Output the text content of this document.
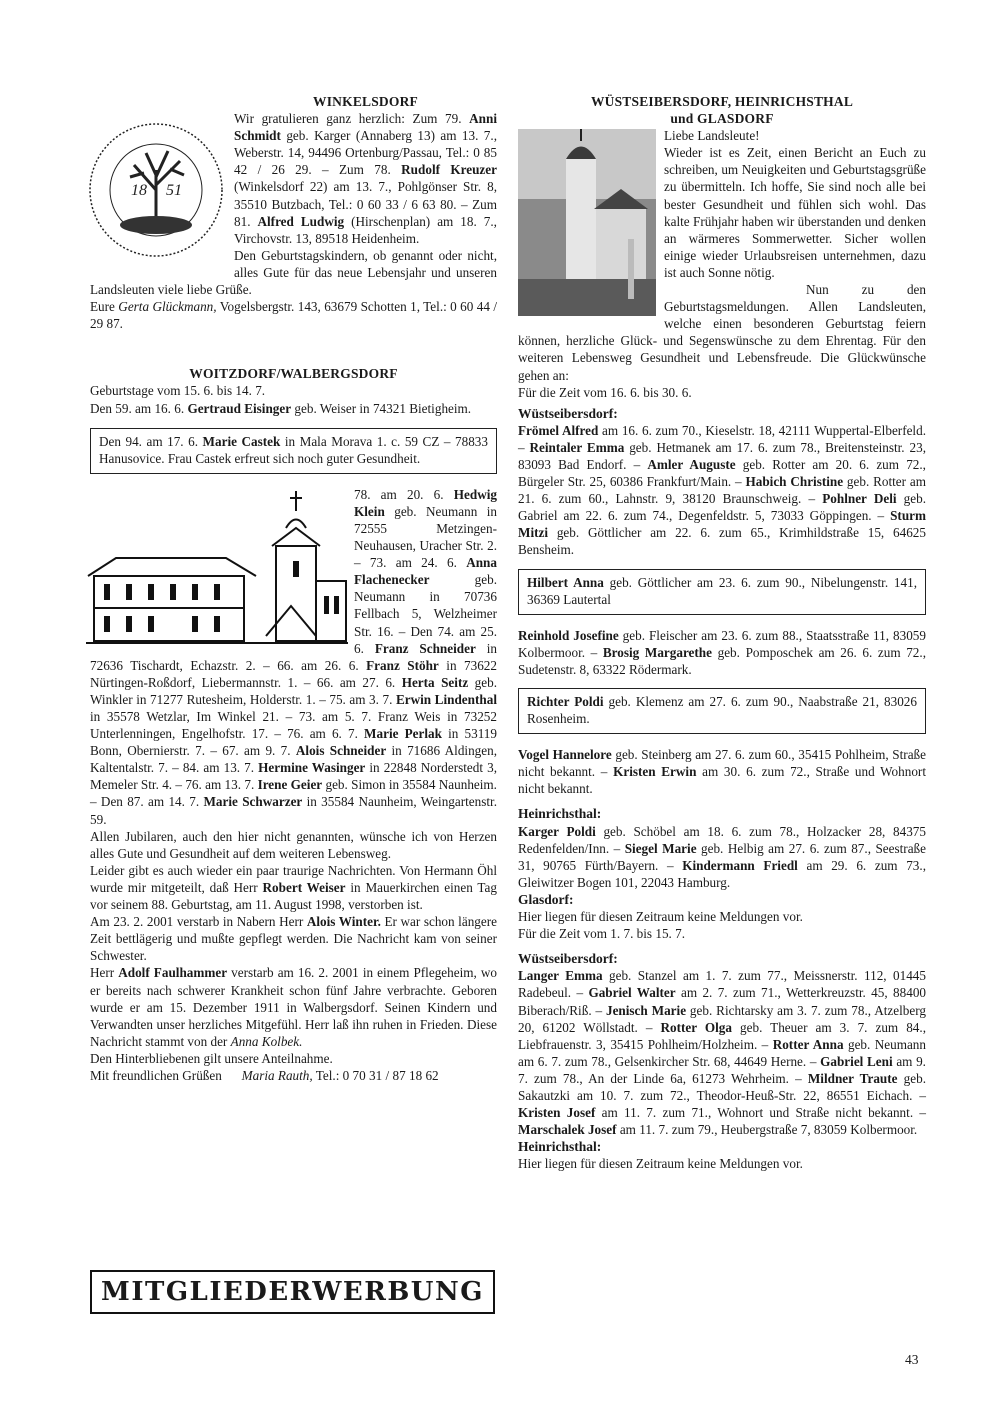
18 51
WINKELSDORF

Wir gratulieren ganz herzlich: Zum 79. Anni Schmidt geb. Karger (Annaberg 13) am 13. 7., Weberstr. 14, 94496 Ortenburg/Passau, Tel.: 0 85 42 / 26 29. – Zum 78. Rudolf Kreuzer (Winkelsdorf 22) am 13. 7., Pohlgönser Str. 8, 35510 Butzbach, Tel.: 0 60 33 / 6 63 80. – Zum 81. Alfred Ludwig (Hirschenplan) am 18. 7., Virchovstr. 13, 89518 Heidenheim.

Den Geburtstagskindern, ob genannt oder nicht, alles Gute für das neue Lebensjahr und unseren Landsleuten viele liebe Grüße.

Eure Gerta Glückmann, Vogelsbergstr. 143, 63679 Schotten 1, Tel.: 0 60 44 / 29 87.

WOITZDORF/WALBERGSDORF

Geburtstage vom 15. 6. bis 14. 7.

Den 59. am 16. 6. Gertraud Eisinger geb. Weiser in 74321 Bietigheim.

Den 94. am 17. 6. Marie Castek in Mala Morava 1. c. 59 CZ – 78833 Hanusovice. Frau Castek erfreut sich noch guter Gesundheit.

78. am 20. 6. Hedwig Klein geb. Neumann in 72555 Metzingen-Neuhausen, Uracher Str. 2. – 73. am 24. 6. Anna Flachenecker geb. Neumann in 70736 Fellbach 5, Welzheimer Str. 16. – Den 74. am 25. 6. Franz Schneider in 72636 Tischardt, Echazstr. 2. – 66. am 26. 6. Franz Stöhr in 73622 Nürtingen-Roßdorf, Liebermannstr. 1. – 66. am 27. 6. Herta Seitz geb. Winkler in 71277 Rutesheim, Holderstr. 1. – 75. am 3. 7. Erwin Lindenthal in 35578 Wetzlar, Im Winkel 21. – 73. am 5. 7. Franz Weis in 73252 Unterlenningen, Engelhofstr. 17. – 76. am 6. 7. Marie Perlak in 53119 Bonn, Obernierstr. 7. – 67. am 9. 7. Alois Schneider in 71686 Aldingen, Kaltentalstr. 7. – 84. am 13. 7. Hermine Wasinger in 22848 Norderstedt 3, Memeler Str. 4. – 76. am 13. 7. Irene Geier geb. Simon in 35584 Naunheim. – Den 87. am 14. 7. Marie Schwarzer in 35584 Naunheim, Weingartenstr. 59.

Allen Jubilaren, auch den hier nicht genannten, wünsche ich von Herzen alles Gute und Gesundheit auf dem weiteren Lebensweg.

Leider gibt es auch wieder ein paar traurige Nachrichten. Von Hermann Öhl wurde mir mitgeteilt, daß Herr Robert Weiser in Mauerkirchen einen Tag vor seinem 88. Geburtstag, am 11. August 1998, verstorben ist.

Am 23. 2. 2001 verstarb in Nabern Herr Alois Winter. Er war schon längere Zeit bettlägerig und mußte gepflegt werden. Die Nachricht kam von seiner Schwester.

Herr Adolf Faulhammer verstarb am 16. 2. 2001 in einem Pflegeheim, wo er bereits nach schwerer Krankheit schon fünf Jahre verbrachte. Geboren wurde er am 15. Dezember 1911 in Walbergsdorf. Seinen Kindern und Verwandten unser herzliches Mitgefühl. Herr laß ihn ruhen in Frieden. Diese Nachricht stammt von der Anna Kolbek.

Den Hinterbliebenen gilt unsere Anteilnahme.

Mit freundlichen Grüßen Maria Rauth, Tel.: 0 70 31 / 87 18 62

MITGLIEDERWERBUNG
WÜSTSEIBERSDORF, HEINRICHSTHAL
und GLASDORF

Liebe Landsleute!

Wieder ist es Zeit, einen Bericht an Euch zu schreiben, um Neuigkeiten und Geburtstagsgrüße zu übermitteln. Ich hoffe, Sie sind noch alle bei bester Gesundheit und fühlen sich wohl. Das kalte Frühjahr haben wir überstanden und denken an wärmeres Sommerwetter. Sicher wollen einige wieder Urlaubsreisen unternehmen, dazu ist auch Sonne nötig.

Nun zu den Geburtstagsmeldungen. Allen Landsleuten, welche einen besonderen Geburtstag feiern können, herzliche Glück- und Segenswünsche zu dem Ehrentag. Für den weiteren Lebensweg Gesundheit und Lebensfreude. Die Glückwünsche gehen an:

Für die Zeit vom 16. 6. bis 30. 6.

Wüstseibersdorf:

Frömel Alfred am 16. 6. zum 70., Kieselstr. 18, 42111 Wuppertal-Elberfeld. – Reintaler Emma geb. Hetmanek am 17. 6. zum 78., Breitensteinstr. 23, 83093 Bad Endorf. – Amler Auguste geb. Rotter am 20. 6. zum 72., Bürgeler Str. 25, 60386 Frankfurt/Main. – Habich Christine geb. Rotter am 21. 6. zum 60., Lahnstr. 9, 38120 Braunschweig. – Pohlner Deli geb. Gabriel am 22. 6. zum 74., Degenfeldstr. 5, 73033 Göppingen. – Sturm Mitzi geb. Göttlicher am 22. 6. zum 65., Krimhildstraße 15, 64625 Bensheim.

Hilbert Anna geb. Göttlicher am 23. 6. zum 90., Nibelungenstr. 141, 36369 Lautertal

Reinhold Josefine geb. Fleischer am 23. 6. zum 88., Staatsstraße 11, 83059 Kolbermoor. – Brosig Margarethe geb. Pomposchek am 26. 6. zum 72., Sudetenstr. 8, 63322 Rödermark.

Richter Poldi geb. Klemenz am 27. 6. zum 90., Naabstraße 21, 83026 Rosenheim.

Vogel Hannelore geb. Steinberg am 27. 6. zum 60., 35415 Pohlheim, Straße nicht bekannt. – Kristen Erwin am 30. 6. zum 72., Straße und Wohnort nicht bekannt.

Heinrichsthal:

Karger Poldi geb. Schöbel am 18. 6. zum 78., Holzacker 28, 84375 Redenfelden/Inn. – Siegel Marie geb. Helbig am 27. 6. zum 87., Seestraße 31, 90765 Fürth/Bayern. – Kindermann Friedl am 29. 6. zum 73., Gleiwitzer Bogen 101, 22043 Hamburg.

Glasdorf:

Hier liegen für diesen Zeitraum keine Meldungen vor.

Für die Zeit vom 1. 7. bis 15. 7.

Wüstseibersdorf:

Langer Emma geb. Stanzel am 1. 7. zum 77., Meissnerstr. 112, 01445 Radebeul. – Gabriel Walter am 2. 7. zum 71., Wetterkreuzstr. 45, 88400 Biberach/Riß. – Jenisch Marie geb. Richtarsky am 3. 7. zum 78., Atzelberg 20, 61202 Wöllstadt. – Rotter Olga geb. Theuer am 3. 7. zum 84., Liebfrauenstr. 3, 35415 Pohlheim/Holzheim. – Rotter Anna geb. Neumann am 6. 7. zum 78., Gelsenkircher Str. 68, 44649 Herne. – Gabriel Leni am 9. 7. zum 78., An der Linde 6a, 61273 Wehrheim. – Mildner Traute geb. Sakautzki am 10. 7. zum 72., Theodor-Heuß-Str. 22, 86551 Eichach. – Kristen Josef am 11. 7. zum 71., Wohnort und Straße nicht bekannt. – Marschalek Josef am 11. 7. zum 79., Heubergstraße 7, 83059 Kolbermoor.

Heinrichsthal:

Hier liegen für diesen Zeitraum keine Meldungen vor.

43
